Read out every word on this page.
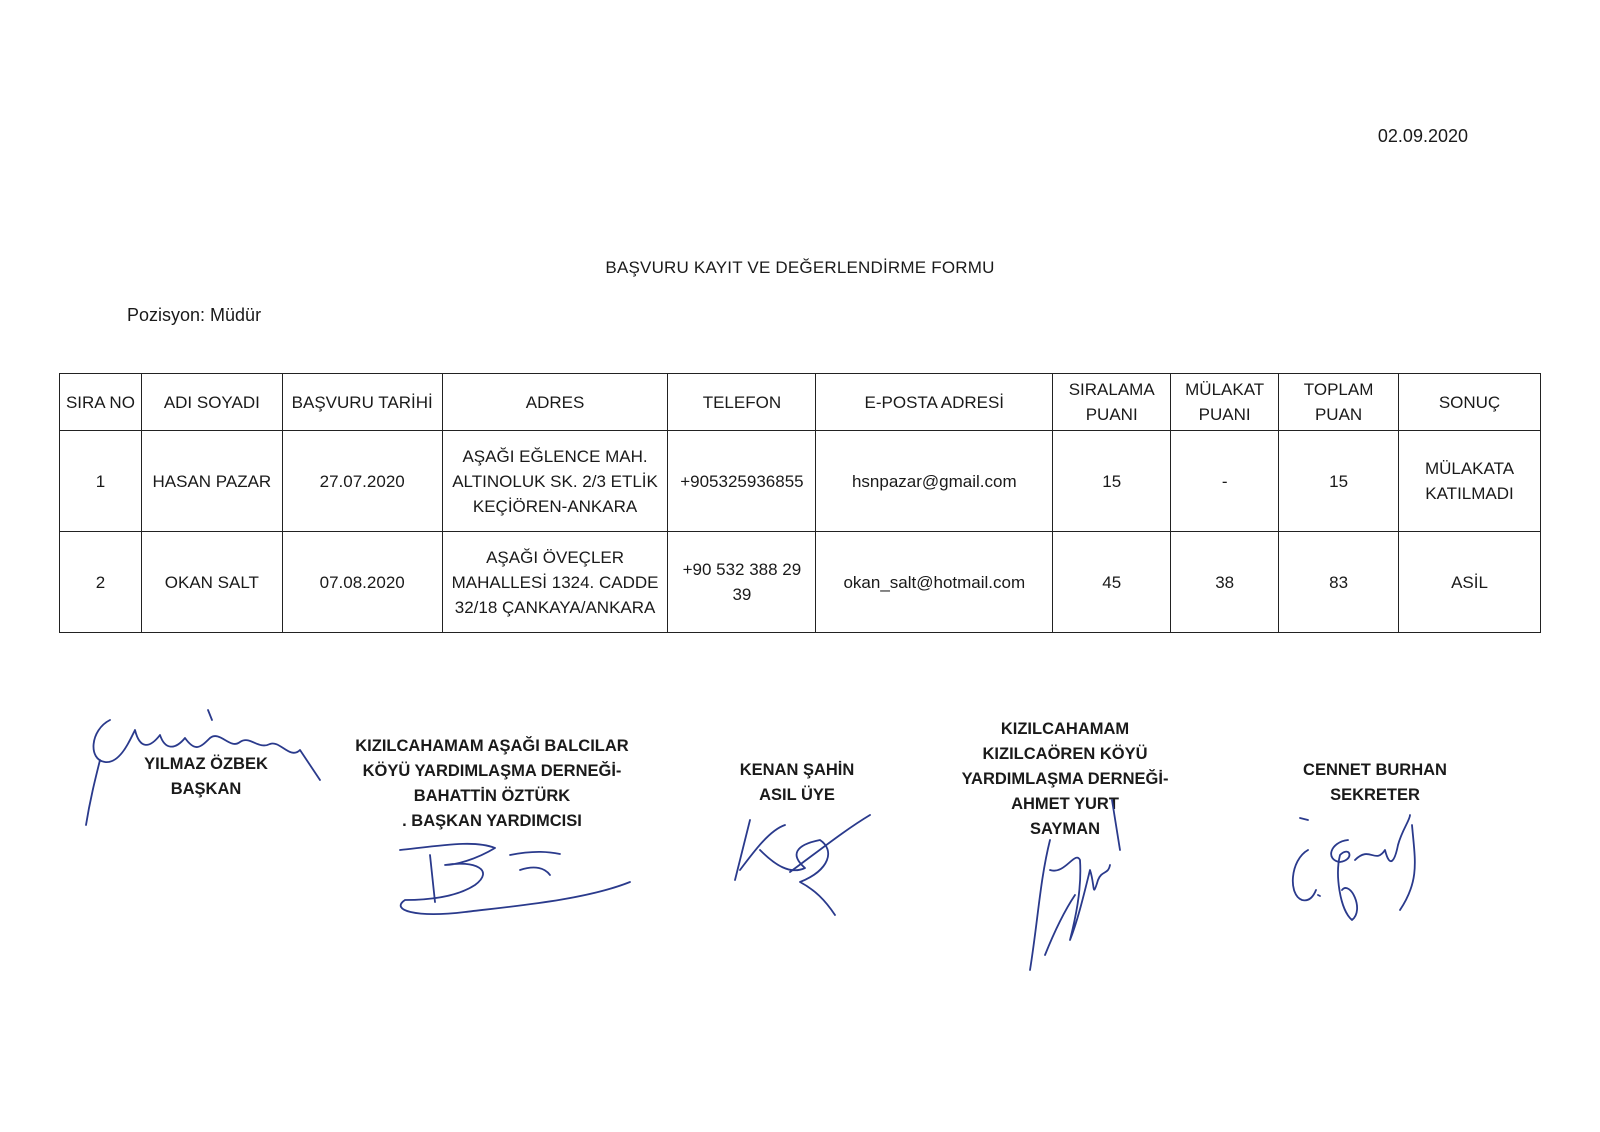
02.09.2020
BAŞVURU KAYIT VE DEĞERLENDİRME FORMU
Pozisyon: Müdür
SIRA NO	ADI SOYADI	BAŞVURU TARİHİ	ADRES	TELEFON	E-POSTA ADRESİ	SIRALAMA PUANI	MÜLAKAT PUANI	TOPLAM PUAN	SONUÇ
1	HASAN PAZAR	27.07.2020	AŞAĞI EĞLENCE MAH. ALTINOLUK SK. 2/3 ETLİK KEÇİÖREN-ANKARA	+905325936855	hsnpazar@gmail.com	15	-	15	MÜLAKATA KATILMADI
2	OKAN SALT	07.08.2020	AŞAĞI ÖVEÇLER MAHALLESİ 1324. CADDE 32/18 ÇANKAYA/ANKARA	+90 532 388 29 39	okan_salt@hotmail.com	45	38	83	ASİL
YILMAZ ÖZBEK
BAŞKAN
KIZILCAHAMAM AŞAĞI BALCILAR KÖYÜ YARDIMLAŞMA DERNEĞİ-
BAHATTİN ÖZTÜRK
. BAŞKAN YARDIMCISI
KENAN ŞAHİN
ASIL ÜYE
KIZILCAHAMAM KIZILCAÖREN KÖYÜ YARDIMLAŞMA DERNEĞİ-
AHMET YURT
SAYMAN
CENNET BURHAN
SEKRETER
